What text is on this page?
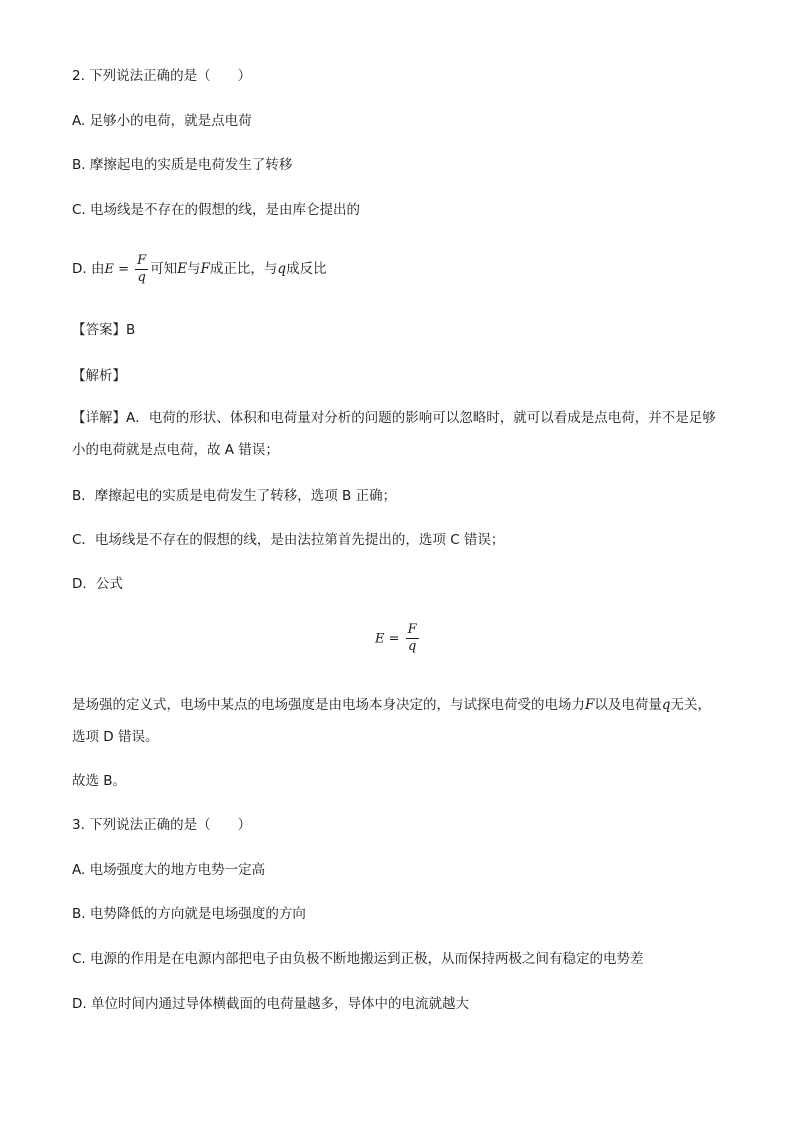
2. 下列说法正确的是（　　）
A. 足够小的电荷，就是点电荷
B. 摩擦起电的实质是电荷发生了转移
C. 电场线是不存在的假想的线，是由库仑提出的
D. 由$E = \frac{F}{q}$ 可知E与F成正比，与q成反比
【答案】B
【解析】
【详解】A．电荷的形状、体积和电荷量对分析的问题的影响可以忽略时，就可以看成是点电荷，并不是足够小的电荷就是点电荷，故 A 错误；
B．摩擦起电的实质是电荷发生了转移，选项 B 正确；
C．电场线是不存在的假想的线，是由法拉第首先提出的，选项 C 错误；
D．公式
$E = \frac{F}{q}$
是场强的定义式，电场中某点的电场强度是由电场本身决定的，与试探电荷受的电场力F以及电荷量q无关，选项 D 错误。
故选 B。
3. 下列说法正确的是（　　）
A. 电场强度大的地方电势一定高
B. 电势降低的方向就是电场强度的方向
C. 电源的作用是在电源内部把电子由负极不断地搬运到正极，从而保持两极之间有稳定的电势差
D. 单位时间内通过导体横截面的电荷量越多，导体中的电流就越大
